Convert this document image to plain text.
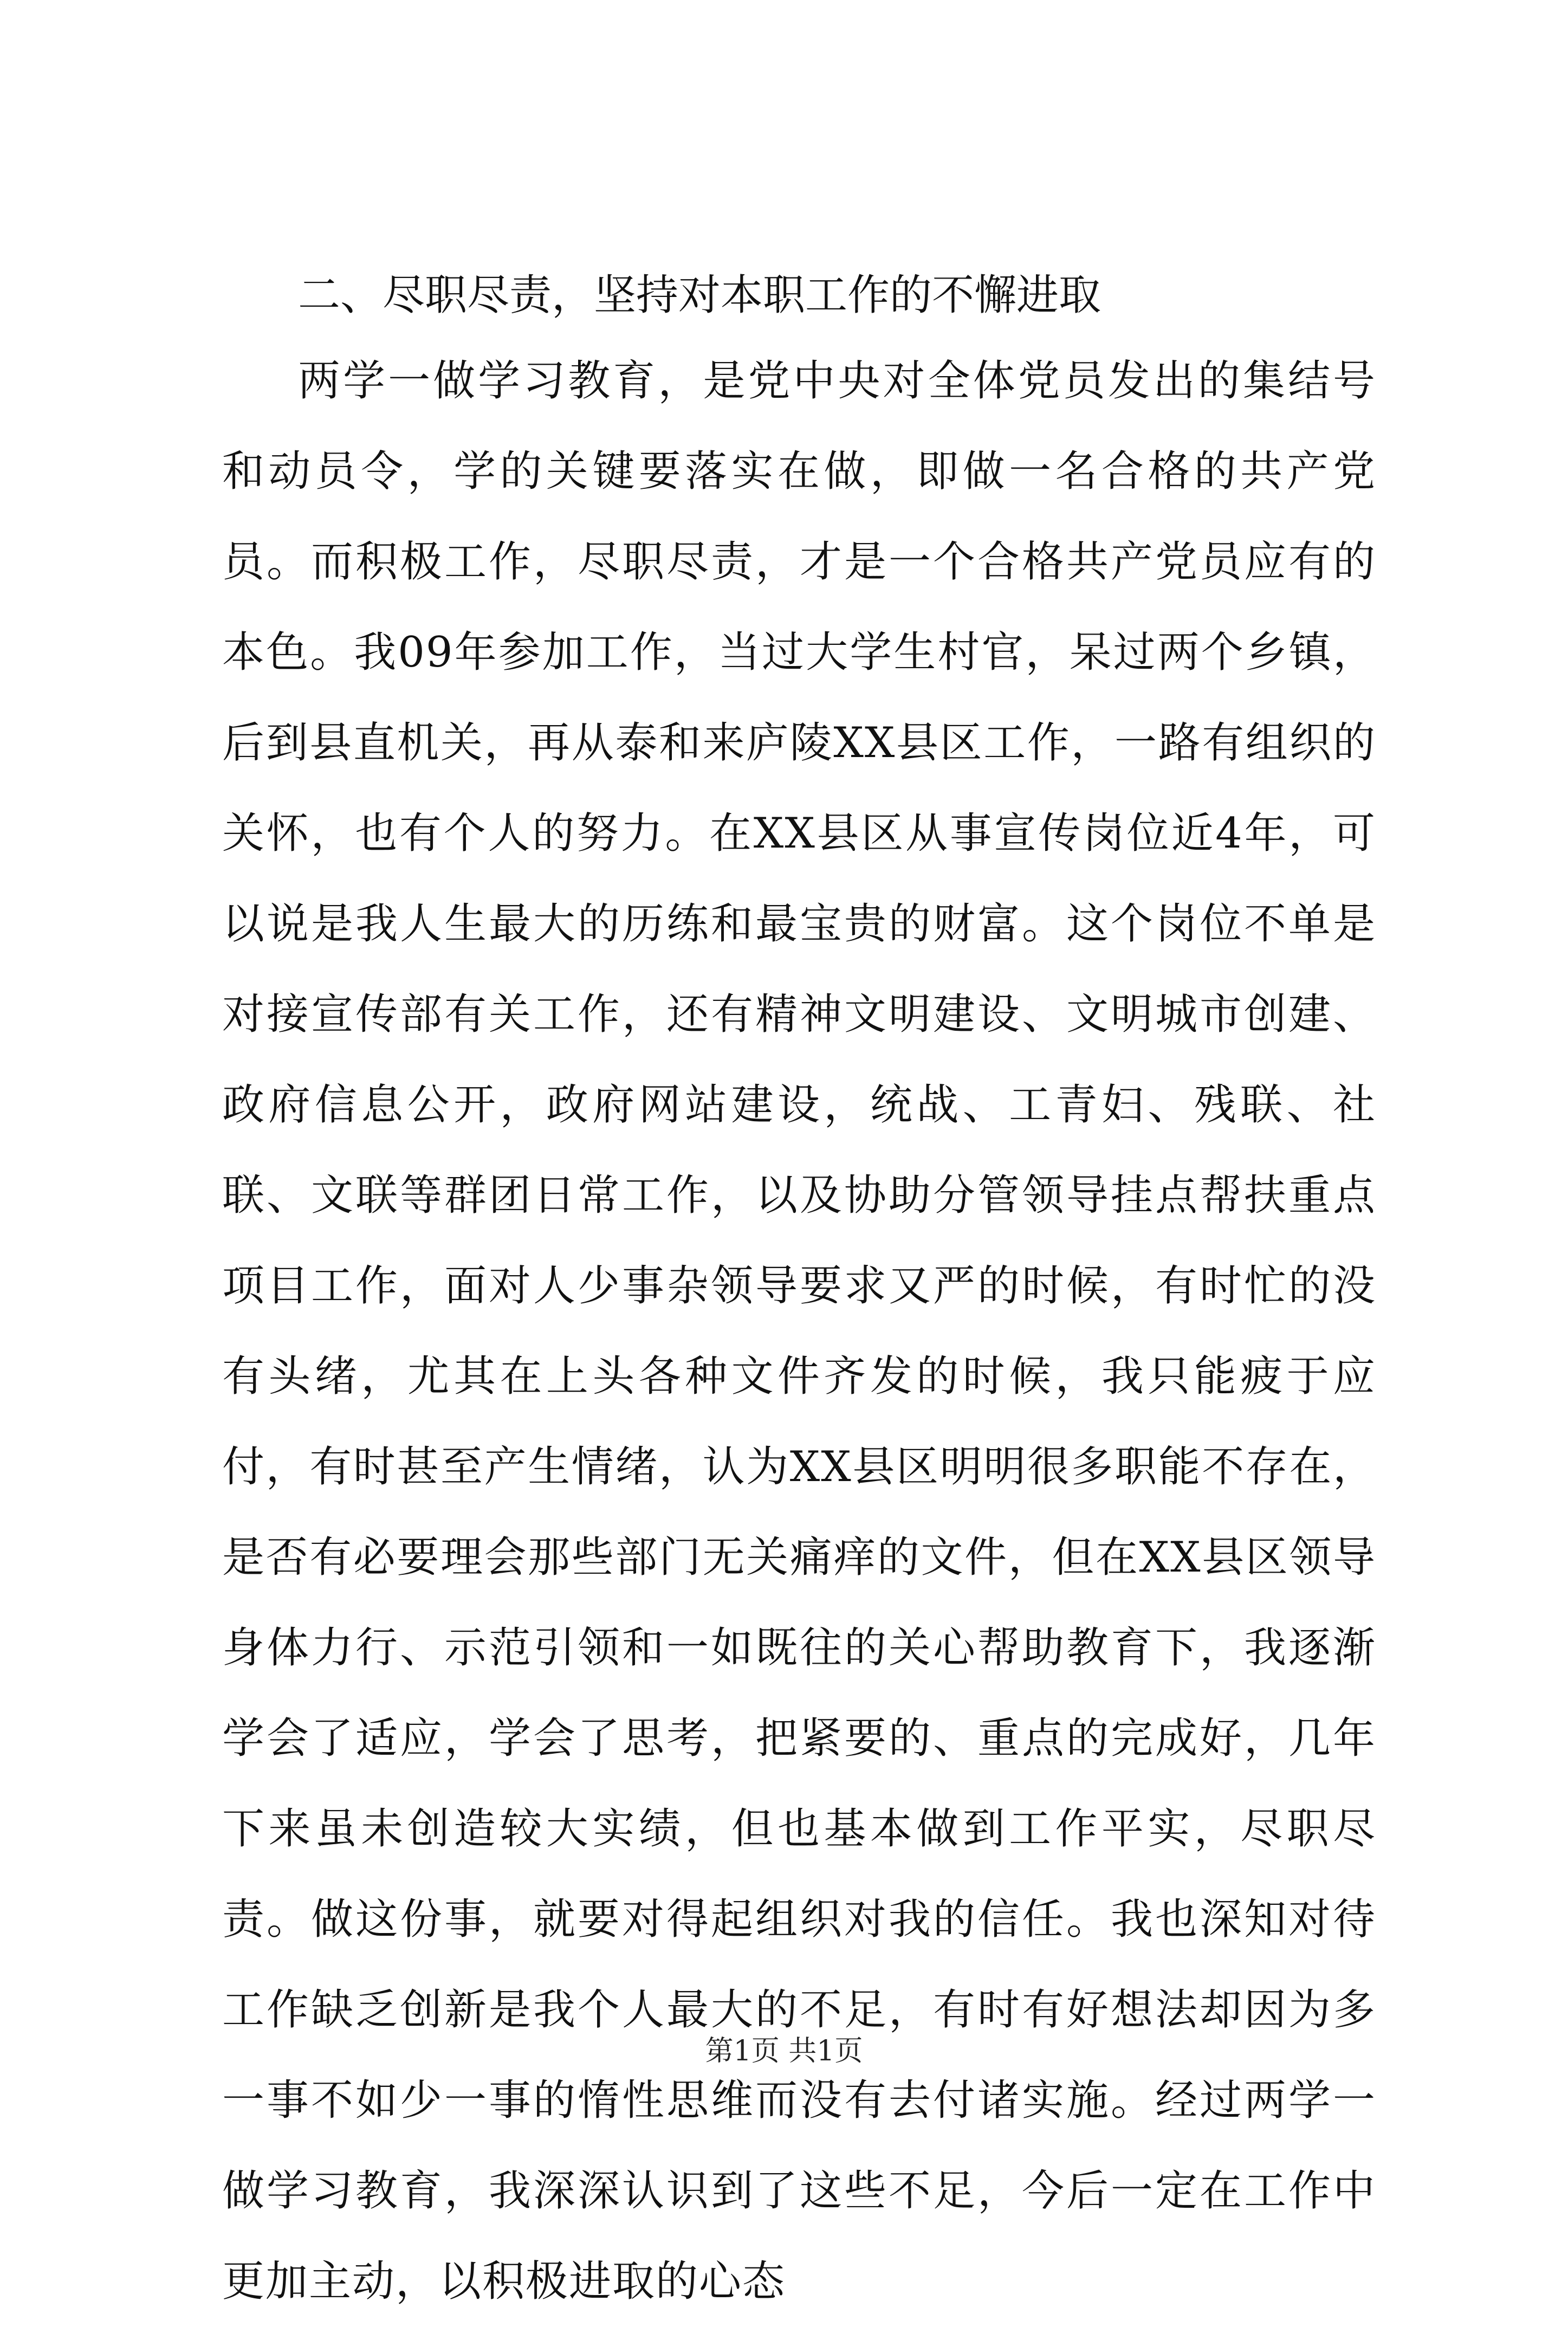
二、尽职尽责，坚持对本职工作的不懈进取

两学一做学习教育，是党中央对全体党员发出的集结号和动员令，学的关键要落实在做，即做一名合格的共产党员。而积极工作，尽职尽责，才是一个合格共产党员应有的本色。我09年参加工作，当过大学生村官，呆过两个乡镇，后到县直机关，再从泰和来庐陵XX县区工作，一路有组织的关怀，也有个人的努力。在XX县区从事宣传岗位近4年，可以说是我人生最大的历练和最宝贵的财富。这个岗位不单是对接宣传部有关工作，还有精神文明建设、文明城市创建、政府信息公开，政府网站建设，统战、工青妇、残联、社联、文联等群团日常工作，以及协助分管领导挂点帮扶重点项目工作，面对人少事杂领导要求又严的时候，有时忙的没有头绪，尤其在上头各种文件齐发的时候，我只能疲于应付，有时甚至产生情绪，认为XX县区明明很多职能不存在，是否有必要理会那些部门无关痛痒的文件，但在XX县区领导身体力行、示范引领和一如既往的关心帮助教育下，我逐渐学会了适应，学会了思考，把紧要的、重点的完成好，几年下来虽未创造较大实绩，但也基本做到工作平实，尽职尽责。做这份事，就要对得起组织对我的信任。我也深知对待工作缺乏创新是我个人最大的不足，有时有好想法却因为多一事不如少一事的惰性思维而没有去付诸实施。经过两学一做学习教育，我深深认识到了这些不足，今后一定在工作中更加主动，以积极进取的心态

第1页 共1页
